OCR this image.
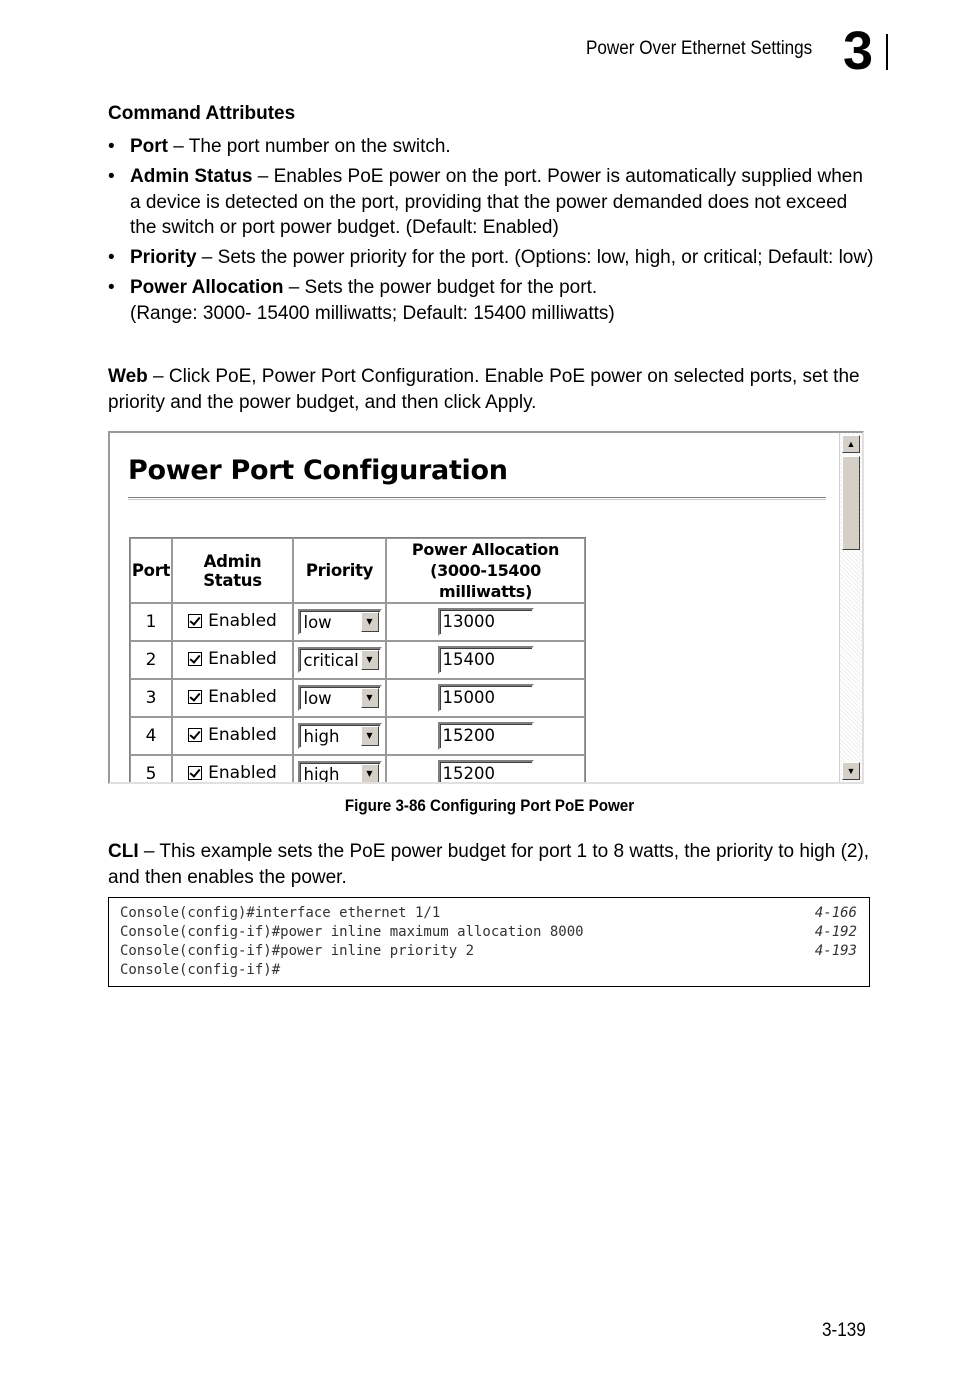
Power Over Ethernet Settings 3
Command Attributes
• Port – The port number on the switch.
• Admin Status – Enables PoE power on the port. Power is automatically supplied when a device is detected on the port, providing that the power demanded does not exceed the switch or port power budget. (Default: Enabled)
• Priority – Sets the power priority for the port. (Options: low, high, or critical; Default: low)
• Power Allocation – Sets the power budget for the port.
(Range: 3000- 15400 milliwatts; Default: 15400 milliwatts)
Web – Click PoE, Power Port Configuration. Enable PoE power on selected ports, set the priority and the power budget, and then click Apply.
Power Port Configuration
Port	Admin Status	Priority	Power Allocation
(3000-15400 milliwatts)
1	Enabled	low ▼	13000
2	Enabled	critical ▼	15400
3	Enabled	low ▼	15000
4	Enabled	high ▼	15200
5	Enabled	high ▼	15200
▲
▼
Figure 3-86 Configuring Port PoE Power
CLI – This example sets the PoE power budget for port 1 to 8 watts, the priority to high (2), and then enables the power.
Console(config)#interface ethernet 1/1	4-166
Console(config-if)#power inline maximum allocation 8000	4-192
Console(config-if)#power inline priority 2	4-193
Console(config-if)#
3-139
